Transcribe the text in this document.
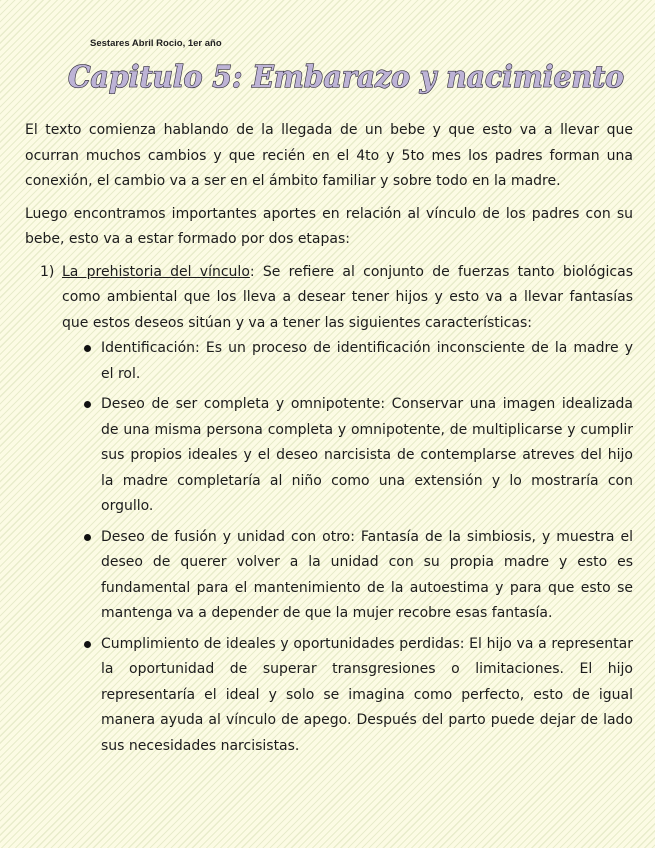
Sestares Abril Rocio, 1er año
Capitulo 5: Embarazo y nacimiento

El texto comienza hablando de la llegada de un bebe y que esto va a llevar que ocurran muchos cambios y que recién en el 4to y 5to mes los padres forman una conexión, el cambio va a ser en el ámbito familiar y sobre todo en la madre.

Luego encontramos importantes aportes en relación al vínculo de los padres con su bebe, esto va a estar formado por dos etapas:

1) La prehistoria del vínculo: Se refiere al conjunto de fuerzas tanto biológicas como ambiental que los lleva a desear tener hijos y esto va a llevar fantasías que estos deseos sitúan y va a tener las siguientes características:
Identificación: Es un proceso de identificación inconsciente de la madre y el rol.
Deseo de ser completa y omnipotente: Conservar una imagen idealizada de una misma persona completa y omnipotente, de multiplicarse y cumplir sus propios ideales y el deseo narcisista de contemplarse atreves del hijo la madre completaría al niño como una extensión y lo mostraría con orgullo.
Deseo de fusión y unidad con otro: Fantasía de la simbiosis, y muestra el deseo de querer volver a la unidad con su propia madre y esto es fundamental para el mantenimiento de la autoestima y para que esto se mantenga va a depender de que la mujer recobre esas fantasía.
Cumplimiento de ideales y oportunidades perdidas: El hijo va a representar la oportunidad de superar transgresiones o limitaciones. El hijo representaría el ideal y solo se imagina como perfecto, esto de igual manera ayuda al vínculo de apego. Después del parto puede dejar de lado sus necesidades narcisistas.
